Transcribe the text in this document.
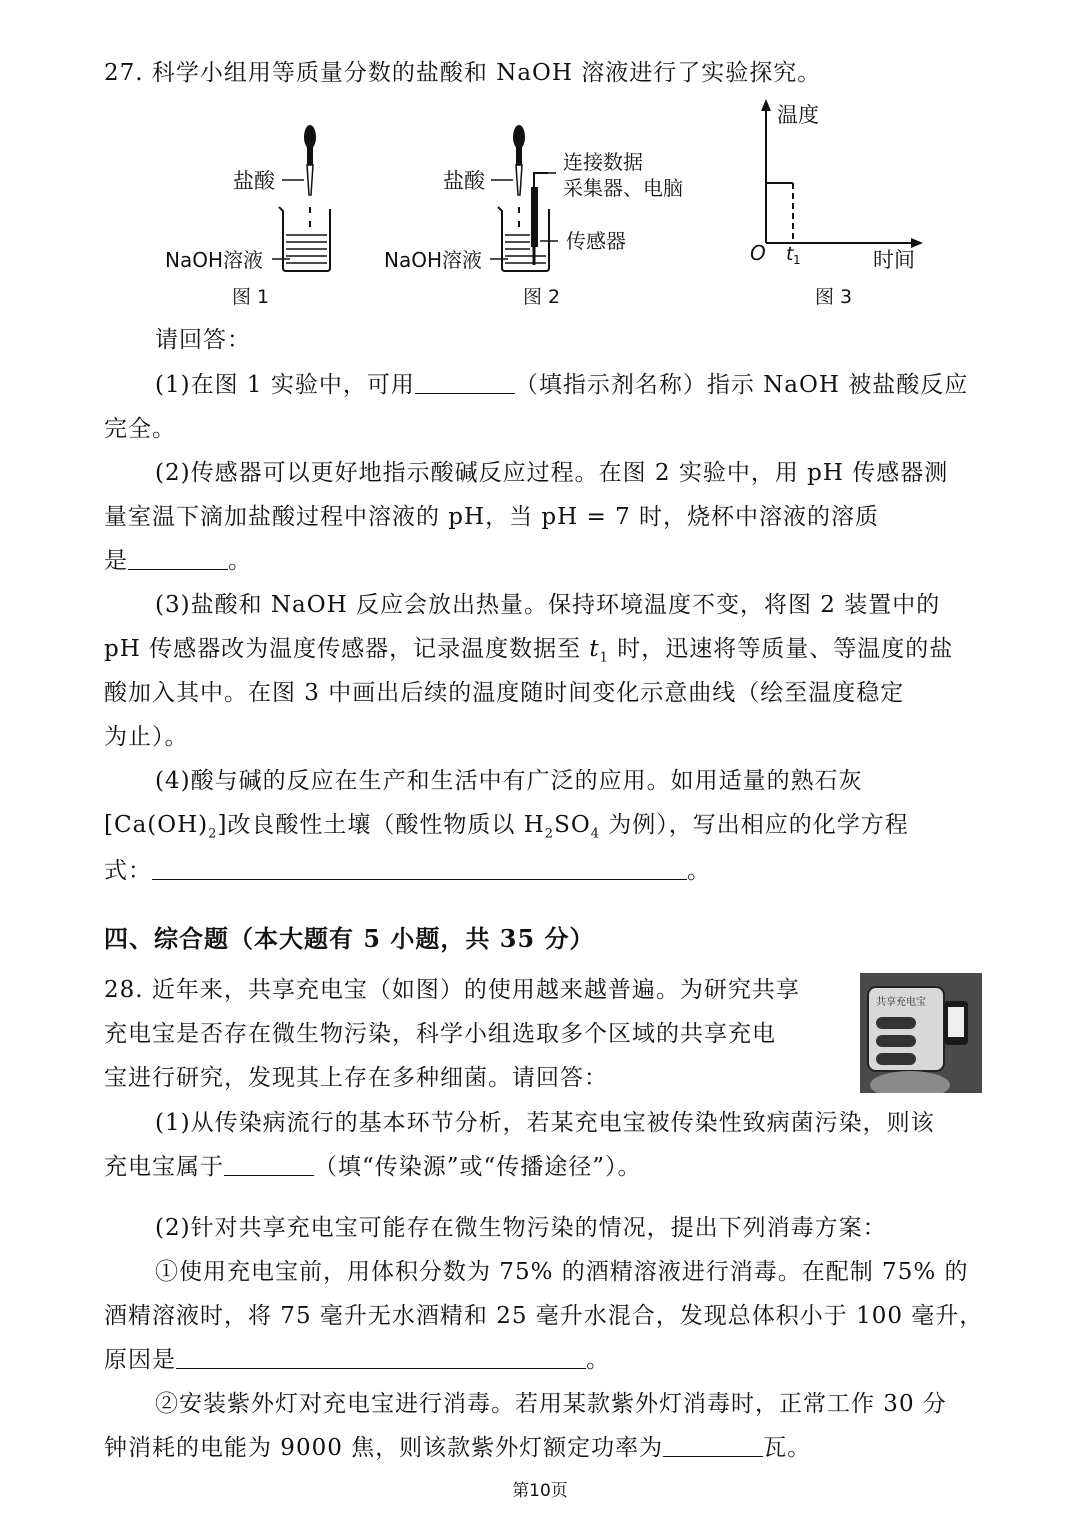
27. 科学小组用等质量分数的盐酸和 NaOH 溶液进行了实验探究。
盐酸
NaOH溶液
图 1
盐酸
连接数据
采集器、电脑
传感器
NaOH溶液
图 2
温度
O t 1	时间
图 3
请回答：
(1)在图 1 实验中，可用	（填指示剂名称）指示 NaOH 被盐酸反应
完全。
(2)传感器可以更好地指示酸碱反应过程。在图 2 实验中，用 pH 传感器测
量室温下滴加盐酸过程中溶液的 pH，当 pH = 7 时，烧杯中溶液的溶质
是	。
(3)盐酸和 NaOH 反应会放出热量。保持环境温度不变，将图 2 装置中的
pH 传感器改为温度传感器，记录温度数据至 $t_1$ 时，迅速将等质量、等温度的盐
酸加入其中。在图 3 中画出后续的温度随时间变化示意曲线（绘至温度稳定
为止）。
(4)酸与碱的反应在生产和生活中有广泛的应用。如用适量的熟石灰
$[Ca(OH)_2]$改良酸性土壤（酸性物质以 $H_2SO_4$ 为例），写出相应的化学方程
式：	。
四、综合题（本大题有 5 小题，共 35 分）
28. 近年来，共享充电宝（如图）的使用越来越普遍。为研究共享
充电宝是否存在微生物污染，科学小组选取多个区域的共享充电
宝进行研究，发现其上存在多种细菌。请回答：
共享充电宝
(1)从传染病流行的基本环节分析，若某充电宝被传染性致病菌污染，则该
充电宝属于	（填“传染源”或“传播途径”）。
(2)针对共享充电宝可能存在微生物污染的情况，提出下列消毒方案：
①使用充电宝前，用体积分数为 75% 的酒精溶液进行消毒。在配制 75% 的
酒精溶液时，将 75 毫升无水酒精和 25 毫升水混合，发现总体积小于 100 毫升，
原因是	。
②安装紫外灯对充电宝进行消毒。若用某款紫外灯消毒时，正常工作 30 分
钟消耗的电能为 9000 焦，则该款紫外灯额定功率为	瓦。
第10页
